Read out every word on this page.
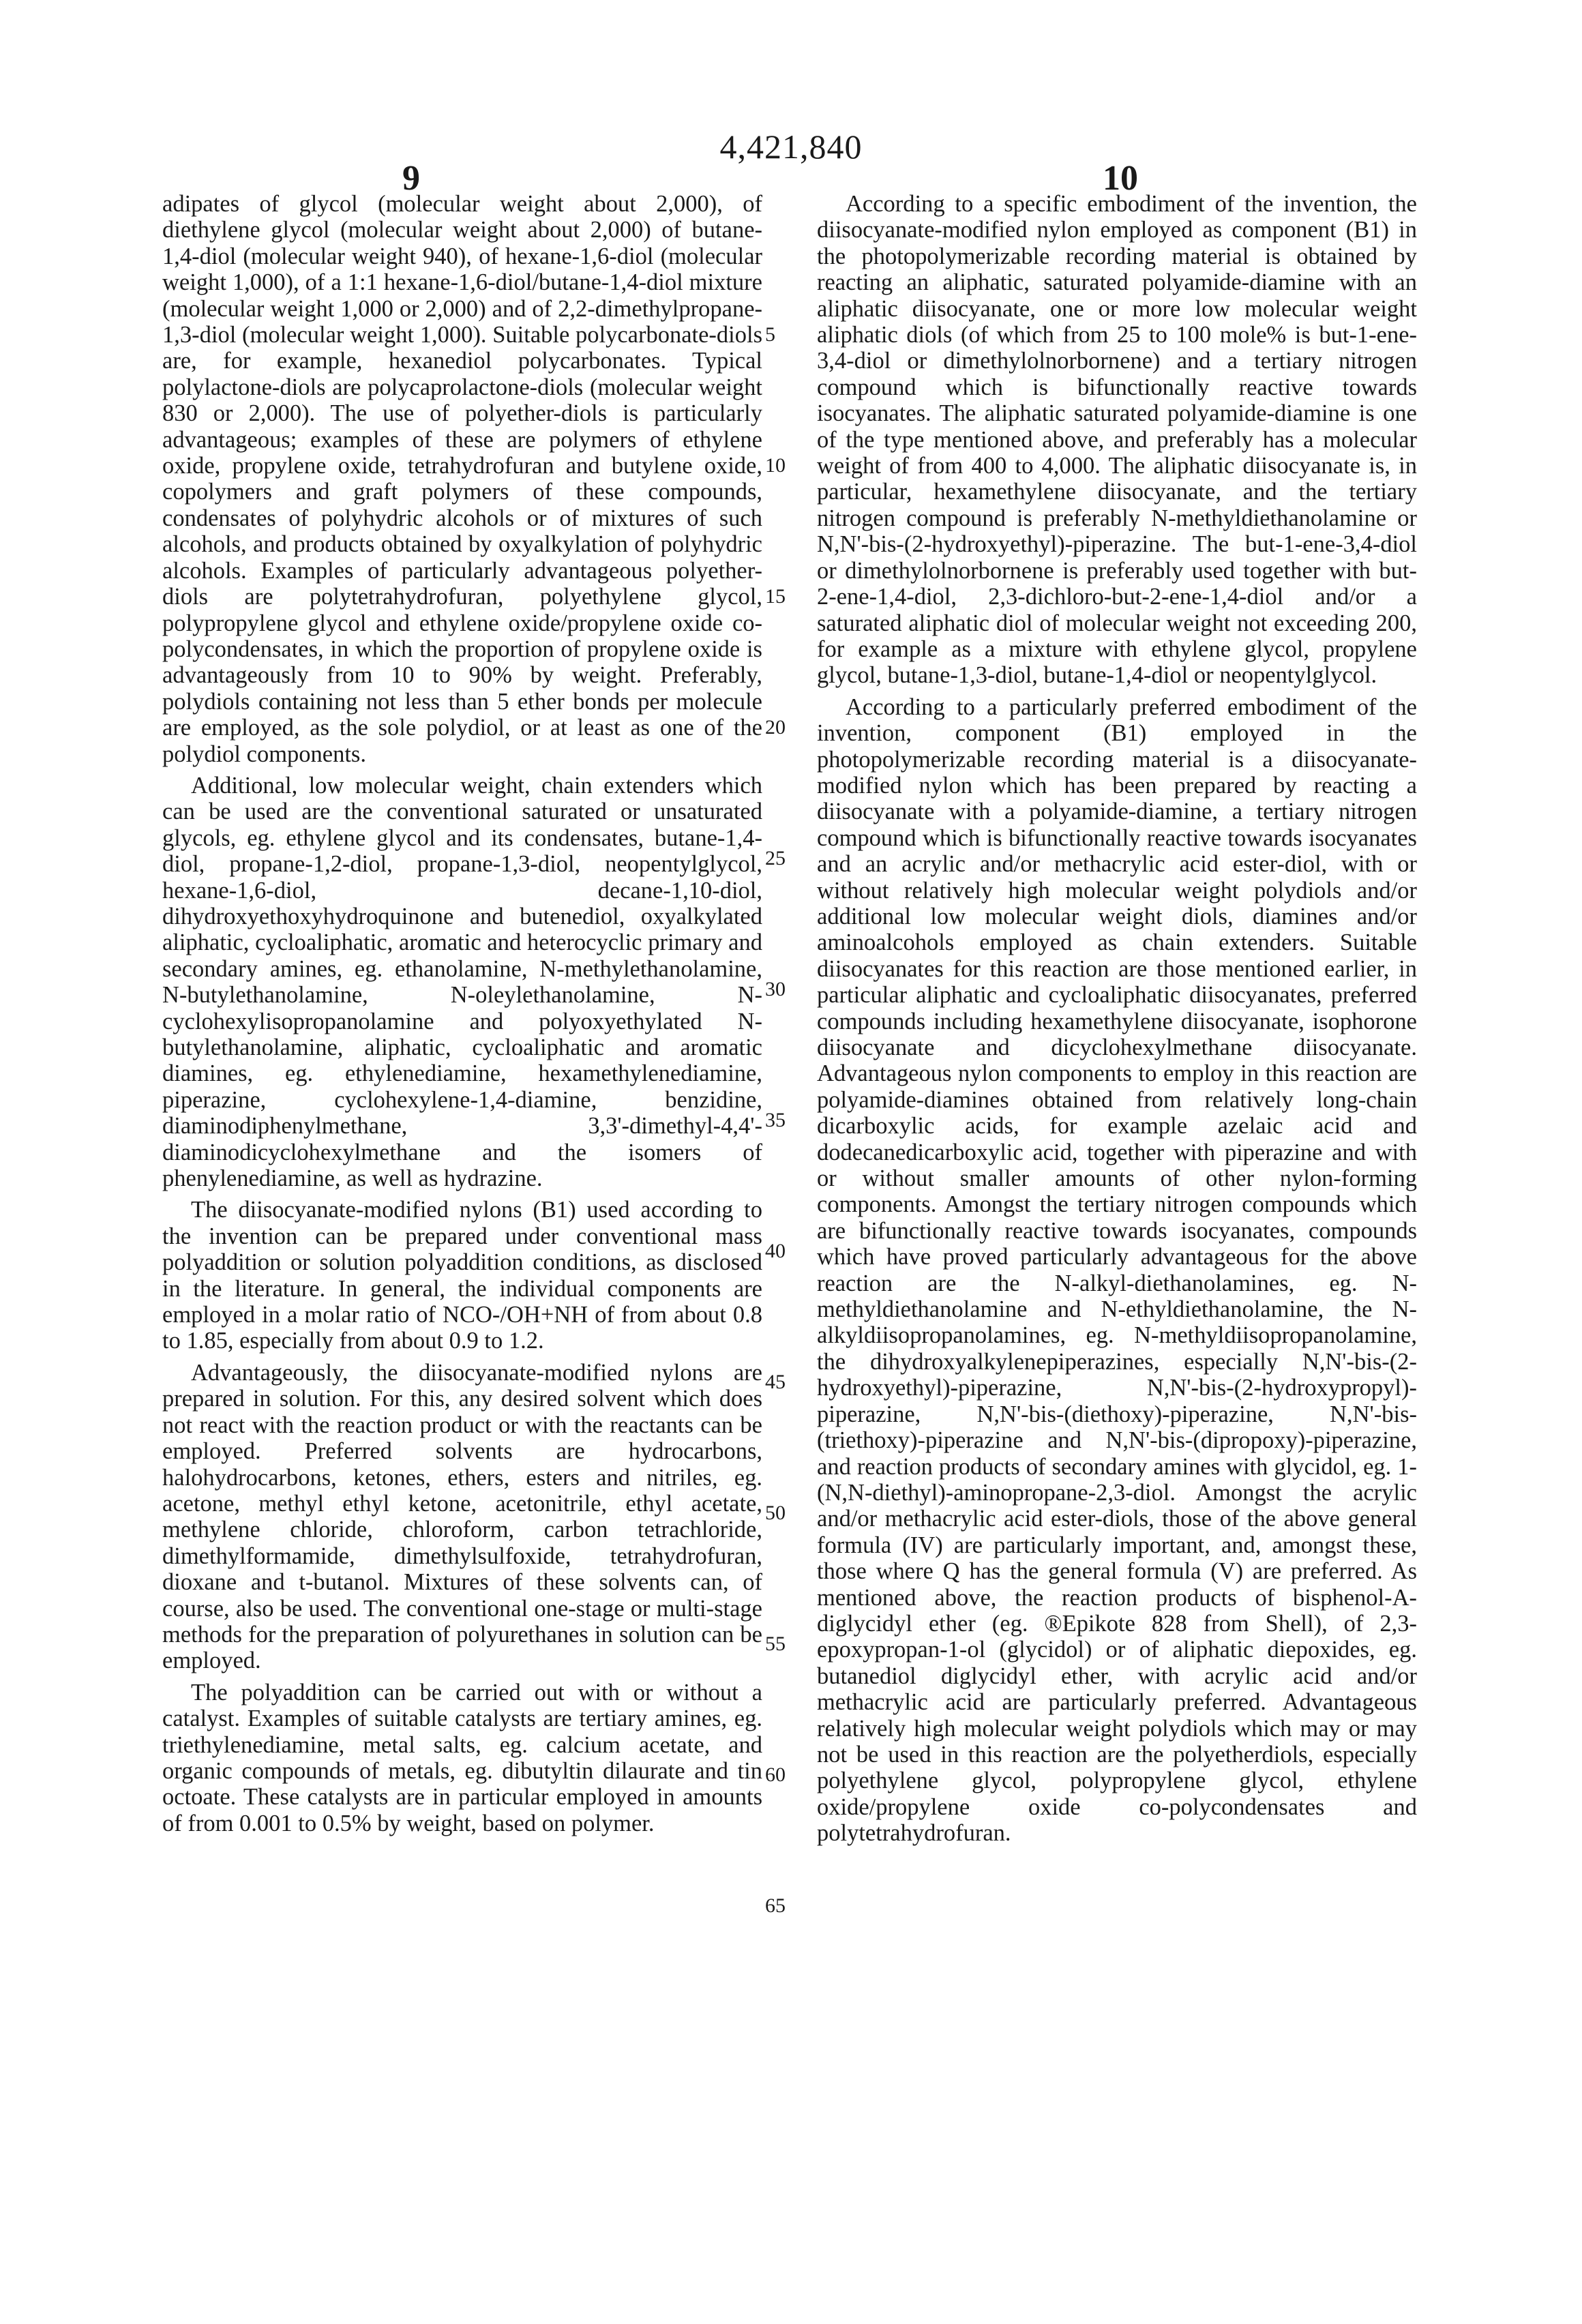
4,421,840
9	10

adipates of glycol (molecular weight about 2,000), of diethylene glycol (molecular weight about 2,000) of butane-1,4-diol (molecular weight 940), of hexane-1,6-diol (molecular weight 1,000), of a 1:1 hexane-1,6-diol/butane-1,4-diol mixture (molecular weight 1,000 or 2,000) and of 2,2-dimethylpropane-1,3-diol (molecular weight 1,000). Suitable polycarbonate-diols are, for example, hexanediol polycarbonates. Typical polylactone-diols are polycaprolactone-diols (molecular weight 830 or 2,000). The use of polyether-diols is particularly advantageous; examples of these are polymers of ethylene oxide, propylene oxide, tetrahydrofuran and butylene oxide, copolymers and graft polymers of these compounds, condensates of polyhydric alcohols or of mixtures of such alcohols, and products obtained by oxyalkylation of polyhydric alcohols. Examples of particularly advantageous polyether-diols are polytetrahydrofuran, polyethylene glycol, polypropylene glycol and ethylene oxide/propylene oxide co-polycondensates, in which the proportion of propylene oxide is advantageously from 10 to 90% by weight. Preferably, polydiols containing not less than 5 ether bonds per molecule are employed, as the sole polydiol, or at least as one of the polydiol components.

Additional, low molecular weight, chain extenders which can be used are the conventional saturated or unsaturated glycols, eg. ethylene glycol and its condensates, butane-1,4-diol, propane-1,2-diol, propane-1,3-diol, neopentylglycol, hexane-1,6-diol, decane-1,10-diol, dihydroxyethoxyhydroquinone and butenediol, oxyalkylated aliphatic, cycloaliphatic, aromatic and heterocyclic primary and secondary amines, eg. ethanolamine, N-methylethanolamine, N-butylethanolamine, N-oleylethanolamine, N-cyclohexylisopropanolamine and polyoxyethylated N-butylethanolamine, aliphatic, cycloaliphatic and aromatic diamines, eg. ethylenediamine, hexamethylenediamine, piperazine, cyclohexylene-1,4-diamine, benzidine, diaminodiphenylmethane, 3,3'-dimethyl-4,4'-diaminodicyclohexylmethane and the isomers of phenylenediamine, as well as hydrazine.

The diisocyanate-modified nylons (B1) used according to the invention can be prepared under conventional mass polyaddition or solution polyaddition conditions, as disclosed in the literature. In general, the individual components are employed in a molar ratio of NCO-/OH+NH of from about 0.8 to 1.85, especially from about 0.9 to 1.2.

Advantageously, the diisocyanate-modified nylons are prepared in solution. For this, any desired solvent which does not react with the reaction product or with the reactants can be employed. Preferred solvents are hydrocarbons, halohydrocarbons, ketones, ethers, esters and nitriles, eg. acetone, methyl ethyl ketone, acetonitrile, ethyl acetate, methylene chloride, chloroform, carbon tetrachloride, dimethylformamide, dimethylsulfoxide, tetrahydrofuran, dioxane and t-butanol. Mixtures of these solvents can, of course, also be used. The conventional one-stage or multi-stage methods for the preparation of polyurethanes in solution can be employed.

The polyaddition can be carried out with or without a catalyst. Examples of suitable catalysts are tertiary amines, eg. triethylenediamine, metal salts, eg. calcium acetate, and organic compounds of metals, eg. dibutyltin dilaurate and tin octoate. These catalysts are in particular employed in amounts of from 0.001 to 0.5% by weight, based on polymer.

5
10
15
20
25
30
35
40
45
50
55
60
65

According to a specific embodiment of the invention, the diisocyanate-modified nylon employed as component (B1) in the photopolymerizable recording material is obtained by reacting an aliphatic, saturated polyamide-diamine with an aliphatic diisocyanate, one or more low molecular weight aliphatic diols (of which from 25 to 100 mole% is but-1-ene-3,4-diol or dimethylolnorbornene) and a tertiary nitrogen compound which is bifunctionally reactive towards isocyanates. The aliphatic saturated polyamide-diamine is one of the type mentioned above, and preferably has a molecular weight of from 400 to 4,000. The aliphatic diisocyanate is, in particular, hexamethylene diisocyanate, and the tertiary nitrogen compound is preferably N-methyldiethanolamine or N,N'-bis-(2-hydroxyethyl)-piperazine. The but-1-ene-3,4-diol or dimethylolnorbornene is preferably used together with but-2-ene-1,4-diol, 2,3-dichloro-but-2-ene-1,4-diol and/or a saturated aliphatic diol of molecular weight not exceeding 200, for example as a mixture with ethylene glycol, propylene glycol, butane-1,3-diol, butane-1,4-diol or neopentylglycol.

According to a particularly preferred embodiment of the invention, component (B1) employed in the photopolymerizable recording material is a diisocyanate-modified nylon which has been prepared by reacting a diisocyanate with a polyamide-diamine, a tertiary nitrogen compound which is bifunctionally reactive towards isocyanates and an acrylic and/or methacrylic acid ester-diol, with or without relatively high molecular weight polydiols and/or additional low molecular weight diols, diamines and/or aminoalcohols employed as chain extenders. Suitable diisocyanates for this reaction are those mentioned earlier, in particular aliphatic and cycloaliphatic diisocyanates, preferred compounds including hexamethylene diisocyanate, isophorone diisocyanate and dicyclohexylmethane diisocyanate. Advantageous nylon components to employ in this reaction are polyamide-diamines obtained from relatively long-chain dicarboxylic acids, for example azelaic acid and dodecanedicarboxylic acid, together with piperazine and with or without smaller amounts of other nylon-forming components. Amongst the tertiary nitrogen compounds which are bifunctionally reactive towards isocyanates, compounds which have proved particularly advantageous for the above reaction are the N-alkyl-diethanolamines, eg. N-methyldiethanolamine and N-ethyldiethanolamine, the N-alkyldiisopropanolamines, eg. N-methyldiisopropanolamine, the dihydroxyalkylenepiperazines, especially N,N'-bis-(2-hydroxyethyl)-piperazine, N,N'-bis-(2-hydroxypropyl)-piperazine, N,N'-bis-(diethoxy)-piperazine, N,N'-bis-(triethoxy)-piperazine and N,N'-bis-(dipropoxy)-piperazine, and reaction products of secondary amines with glycidol, eg. 1-(N,N-diethyl)-aminopropane-2,3-diol. Amongst the acrylic and/or methacrylic acid ester-diols, those of the above general formula (IV) are particularly important, and, amongst these, those where Q has the general formula (V) are preferred. As mentioned above, the reaction products of bisphenol-A-diglycidyl ether (eg. ®Epikote 828 from Shell), of 2,3-epoxypropan-1-ol (glycidol) or of aliphatic diepoxides, eg. butanediol diglycidyl ether, with acrylic acid and/or methacrylic acid are particularly preferred. Advantageous relatively high molecular weight polydiols which may or may not be used in this reaction are the polyetherdiols, especially polyethylene glycol, polypropylene glycol, ethylene oxide/propylene oxide co-polycondensates and polytetrahydrofuran.
